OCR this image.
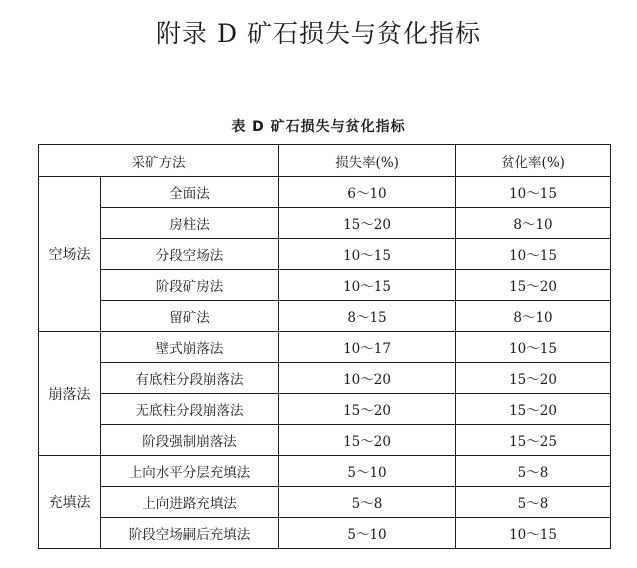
附录 D 矿石损失与贫化指标
表 D 矿石损失与贫化指标
采矿方法		损失率(%)	贫化率(%)
空场法	全面法	6～10	10～15
	房柱法	15～20	8～10
	分段空场法	10～15	10～15
	阶段矿房法	10～15	15～20
	留矿法	8～15	8～10
崩落法	壁式崩落法	10～17	10～15
	有底柱分段崩落法	10～20	15～20
	无底柱分段崩落法	15～20	15～20
	阶段强制崩落法	15～20	15～25
充填法	上向水平分层充填法	5～10	5～8
	上向进路充填法	5～8	5～8
	阶段空场嗣后充填法	5～10	10～15
